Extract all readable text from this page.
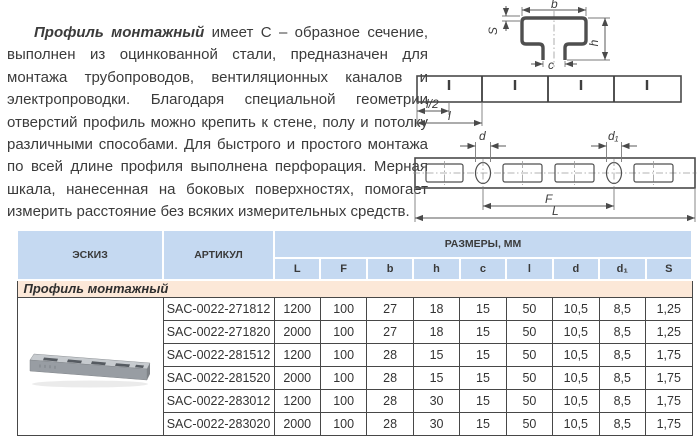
Профиль монтажный имеет С – образное сечение, выполнен из оцинкованной стали, предназначен для монтажа трубопроводов, вентиляционных каналов и электропроводки. Благодаря специальной геометрии отверстий профиль можно крепить к стене, полу и потолку различными способами. Для быстрого и простого монтажа по всей длине профиля выполнена перфорация. Мерная шкала, нанесенная на боковых поверхностях, помогает измерить расстояние без всяких измерительных средств.

b
h
S
c
l/2
l
d	d₁
F
L
ЭСКИЗ	АРТИКУЛ	РАЗМЕРЫ, ММ								
		L	F	b	h	c	l	d	d₁	S
Профиль монтажный										
	SAC-0022-271812	1200	100	27	18	15	50	10,5	8,5	1,25
	SAC-0022-271820	2000	100	27	18	15	50	10,5	8,5	1,25
	SAC-0022-281512	1200	100	28	15	15	50	10,5	8,5	1,75
	SAC-0022-281520	2000	100	28	15	15	50	10,5	8,5	1,75
	SAC-0022-283012	1200	100	28	30	15	50	10,5	8,5	1,75
	SAC-0022-283020	2000	100	28	30	15	50	10,5	8,5	1,75
